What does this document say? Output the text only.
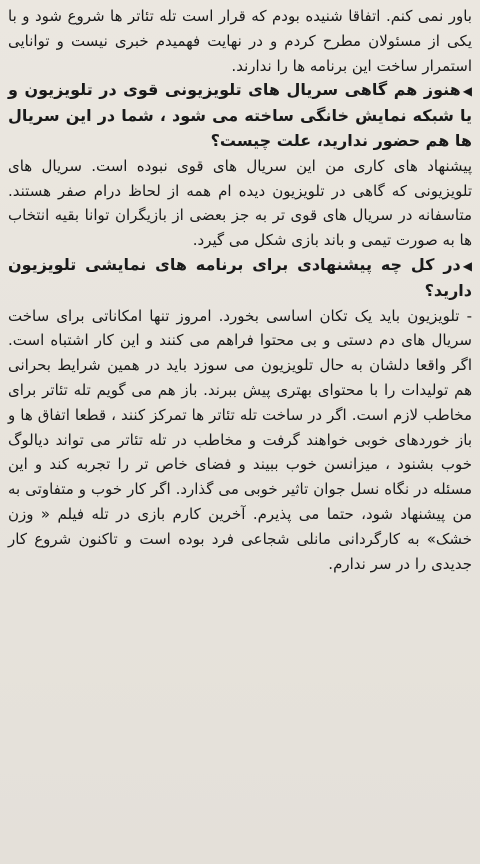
باور نمی کنم. اتفاقا شنیده بودم که قرار است تله تئاتر ها شروع شود و با یکی از مسئولان مطرح کردم و در نهایت فهمیدم خبری نیست و توانایی استمرار ساخت این برنامه ها را ندارند.

◀هنوز هم گاهی سریال های تلویزیونی قوی در تلویزیون و یا شبکه نمایش خانگی ساخته می شود ، شما در این سریال ها هم حضور ندارید، علت چیست؟

پیشنهاد های کاری من این سریال های قوی نبوده است. سریال های تلویزیونی که گاهی در تلویزیون دیده ام همه از لحاظ درام صفر هستند. متاسفانه در سریال های قوی تر به جز بعضی از بازیگران توانا بقیه انتخاب ها به صورت تیمی و باند بازی شکل می گیرد.

◀در کل چه پیشنهادی برای برنامه های نمایشی تلویزیون دارید؟

- تلویزیون باید یک تکان اساسی بخورد. امروز تنها امکاناتی برای ساخت سریال های دم دستی و بی محتوا فراهم می کنند و این کار اشتباه است. اگر واقعا دلشان به حال تلویزیون می سوزد باید در همین شرایط بحرانی هم تولیدات را با محتوای بهتری پیش ببرند. باز هم می گویم تله تئاتر برای مخاطب لازم است. اگر در ساخت تله تئاتر ها تمرکز کنند ، قطعا اتفاق ها و باز خوردهای خوبی خواهند گرفت و مخاطب در تله تئاتر می تواند دیالوگ خوب بشنود ، میزانسن خوب ببیند و فضای خاص تر را تجربه کند و این مسئله در نگاه نسل جوان تاثیر خوبی می گذارد. اگر کار خوب و متفاوتی به من پیشنهاد شود، حتما می پذیرم. آخرین کارم بازی در تله فیلم « وزن خشک» به کارگردانی مانلی شجاعی فرد بوده است و تاکنون شروع کار جدیدی را در سر ندارم.
